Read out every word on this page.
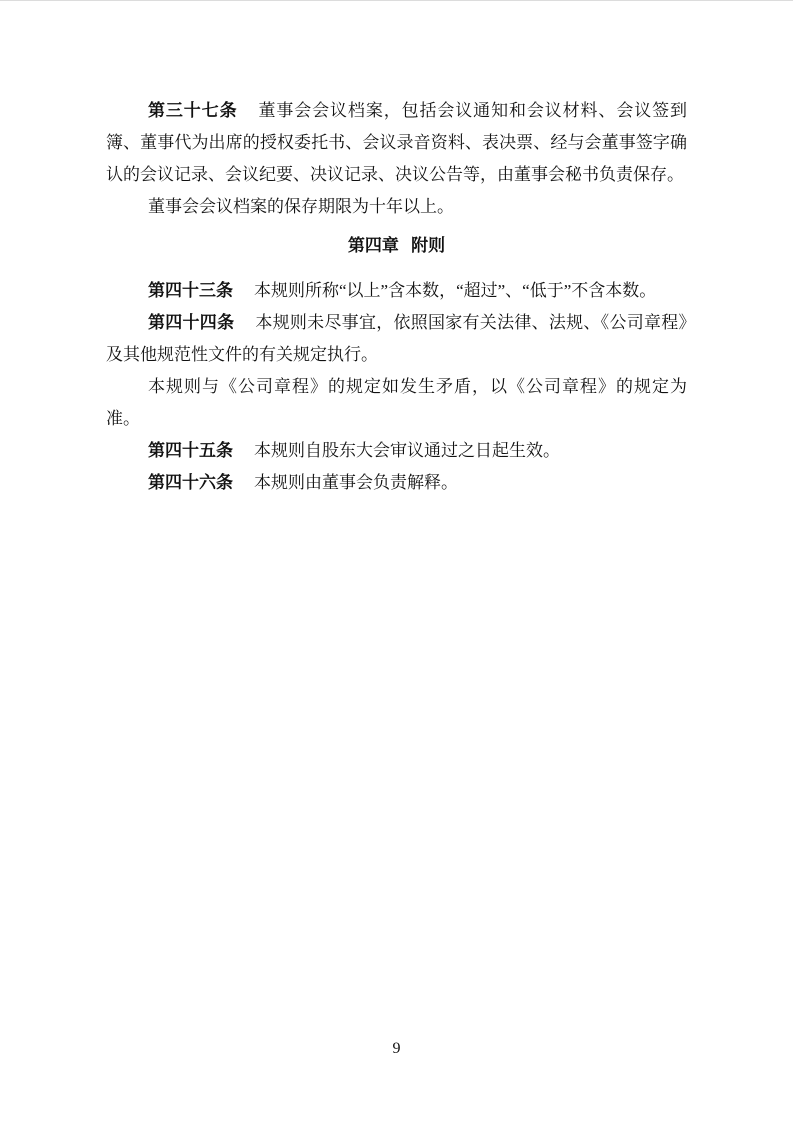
第三十七条 董事会会议档案，包括会议通知和会议材料、会议签到簿、董事代为出席的授权委托书、会议录音资料、表决票、经与会董事签字确认的会议记录、会议纪要、决议记录、决议公告等，由董事会秘书负责保存。

董事会会议档案的保存期限为十年以上。

第四章 附则

第四十三条 本规则所称“以上”含本数，“超过”、“低于”不含本数。

第四十四条 本规则未尽事宜，依照国家有关法律、法规、《公司章程》及其他规范性文件的有关规定执行。

本规则与《公司章程》的规定如发生矛盾，以《公司章程》的规定为准。

第四十五条 本规则自股东大会审议通过之日起生效。

第四十六条 本规则由董事会负责解释。

9
